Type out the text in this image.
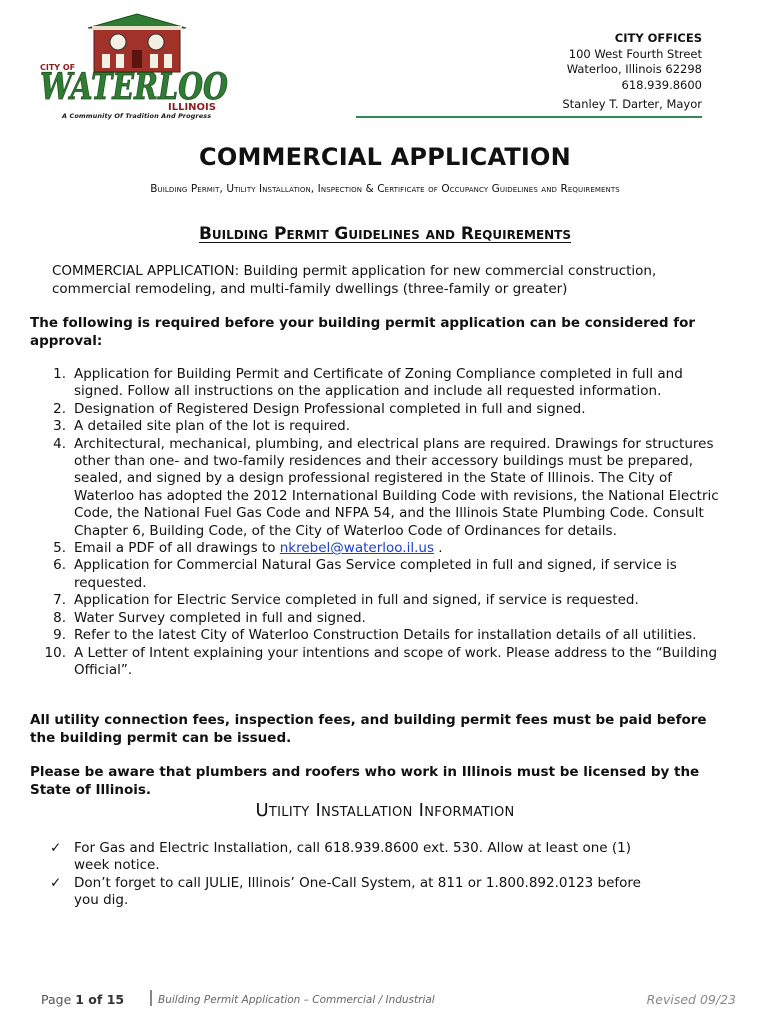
CITY OF
WATERLOO
ILLINOIS
A Community Of Tradition And Progress
CITY OFFICES
100 West Fourth Street
Waterloo, Illinois 62298
618.939.8600
Stanley T. Darter, Mayor
COMMERCIAL APPLICATION
Building Permit, Utility Installation, Inspection & Certificate of Occupancy Guidelines and Requirements
Building Permit Guidelines and Requirements
COMMERCIAL APPLICATION: Building permit application for new commercial construction, commercial remodeling, and multi-family dwellings (three-family or greater)
The following is required before your building permit application can be considered for approval:
1. Application for Building Permit and Certificate of Zoning Compliance completed in full and signed. Follow all instructions on the application and include all requested information.
2. Designation of Registered Design Professional completed in full and signed.
3. A detailed site plan of the lot is required.
4. Architectural, mechanical, plumbing, and electrical plans are required. Drawings for structures other than one- and two-family residences and their accessory buildings must be prepared, sealed, and signed by a design professional registered in the State of Illinois. The City of Waterloo has adopted the 2012 International Building Code with revisions, the National Electric Code, the National Fuel Gas Code and NFPA 54, and the Illinois State Plumbing Code. Consult Chapter 6, Building Code, of the City of Waterloo Code of Ordinances for details.
5. Email a PDF of all drawings to nkrebel@waterloo.il.us .
6. Application for Commercial Natural Gas Service completed in full and signed, if service is requested.
7. Application for Electric Service completed in full and signed, if service is requested.
8. Water Survey completed in full and signed.
9. Refer to the latest City of Waterloo Construction Details for installation details of all utilities.
10. A Letter of Intent explaining your intentions and scope of work. Please address to the “Building Official”.
All utility connection fees, inspection fees, and building permit fees must be paid before the building permit can be issued.
Please be aware that plumbers and roofers who work in Illinois must be licensed by the State of Illinois.
Utility Installation Information
✓ For Gas and Electric Installation, call 618.939.8600 ext. 530. Allow at least one (1) week notice.
✓ Don’t forget to call JULIE, Illinois’ One-Call System, at 811 or 1.800.892.0123 before you dig.
Page 1 of 15	Building Permit Application – Commercial / Industrial	Revised 09/23
